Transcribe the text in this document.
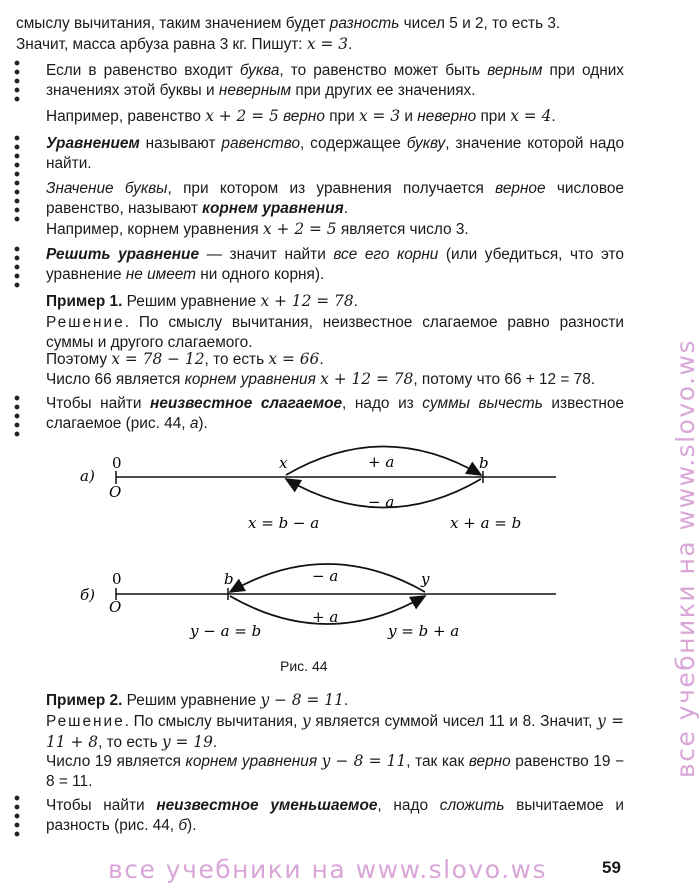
смыслу вычитания, таким значением будет разность чисел 5 и 2, то есть 3.
Значит, масса арбуза равна 3 кг. Пишут: x = 3.
Если в равенство входит буква, то равенство может быть верным при одних значениях этой буквы и неверным при других ее значениях.
Например, равенство x + 2 = 5 верно при x = 3 и неверно при x = 4.
Уравнением называют равенство, содержащее букву, значение которой надо найти.
Значение буквы, при котором из уравнения получается верное числовое равенство, называют корнем уравнения.
Например, корнем уравнения x + 2 = 5 является число 3.
Решить уравнение — значит найти все его корни (или убедиться, что это уравнение не имеет ни одного корня).
Пример 1. Решим уравнение x + 12 = 78.
Решение. По смыслу вычитания, неизвестное слагаемое равно разности суммы и другого слагаемого.
Поэтому x = 78 − 12, то есть x = 66.
Число 66 является корнем уравнения x + 12 = 78, потому что 66 + 12 = 78.
Чтобы найти неизвестное слагаемое, надо из суммы вычесть известное слагаемое (рис. 44, а).
а)
0
O
x	b
+ a
− a
x = b − a	x + a = b
б)
0
O
b	y
− a
+ a
y − a = b	y = b + a
Рис. 44
Пример 2. Решим уравнение y − 8 = 11.
Решение. По смыслу вычитания, y является суммой чисел 11 и 8. Значит, y = 11 + 8, то есть y = 19.
Число 19 является корнем уравнения y − 8 = 11, так как верно равенство 19 − 8 = 11.
Чтобы найти неизвестное уменьшаемое, надо сложить вычитаемое и разность (рис. 44, б).
все учебники на www.slovo.ws
все учебники на www.slovo.ws	59
